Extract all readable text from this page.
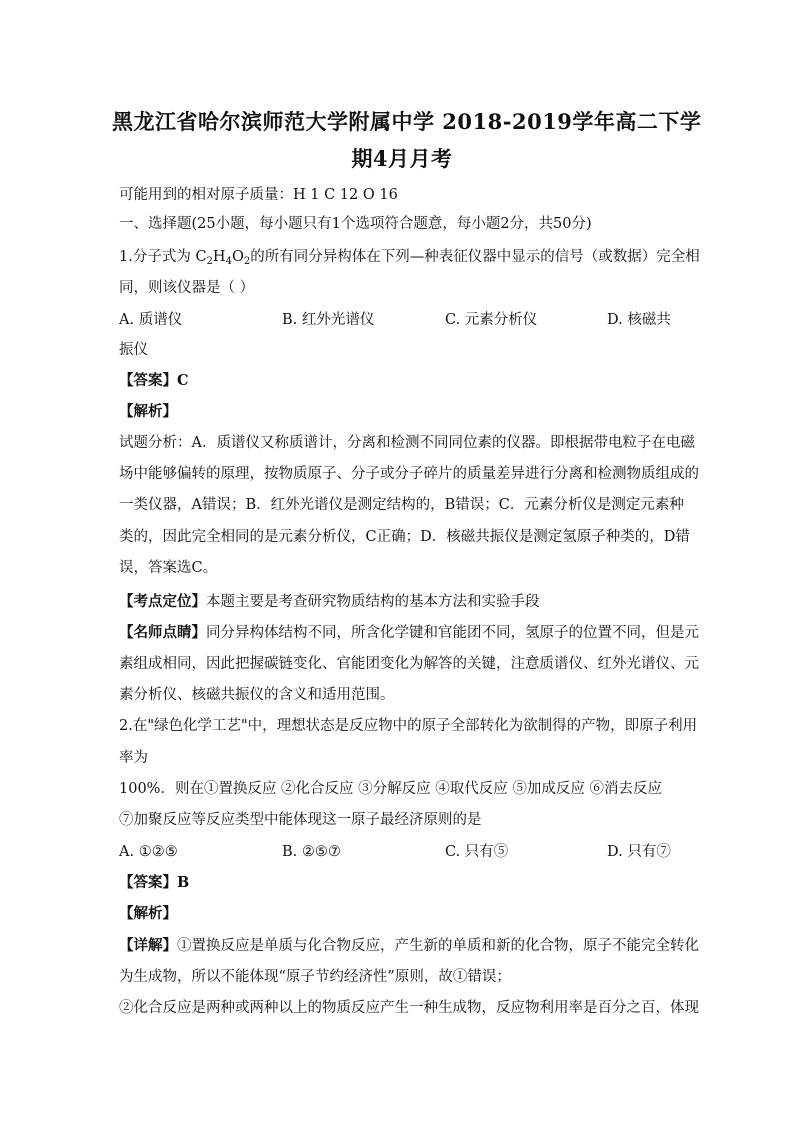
黑龙江省哈尔滨师范大学附属中学 2018-2019学年高二下学
期4月月考
可能用到的相对原子质量：H 1 C 12 O 16
一、选择题(25小题，每小题只有1个选项符合题意，每小题2分，共50分)
1.分子式为 $C_2H_4O_2$的所有同分异构体在下列—种表征仪器中显示的信号（或数据）完全相
同，则该仪器是（ ）
A. 质谱仪	B. 红外光谱仪	C. 元素分析仪	D. 核磁共
振仪
【答案】C
【解析】
试题分析：A．质谱仪又称质谱计，分离和检测不同同位素的仪器。即根据带电粒子在电磁
场中能够偏转的原理，按物质原子、分子或分子碎片的质量差异进行分离和检测物质组成的
一类仪器，A错误；B．红外光谱仪是测定结构的，B错误；C．元素分析仪是测定元素种
类的，因此完全相同的是元素分析仪，C正确；D．核磁共振仪是测定氢原子种类的，D错
误，答案选C。
【考点定位】本题主要是考查研究物质结构的基本方法和实验手段
【名师点睛】同分异构体结构不同，所含化学键和官能团不同，氢原子的位置不同，但是元
素组成相同，因此把握碳链变化、官能团变化为解答的关键，注意质谱仪、红外光谱仪、元
素分析仪、核磁共振仪的含义和适用范围。
2.在"绿色化学工艺"中，理想状态是反应物中的原子全部转化为欲制得的产物，即原子利用
率为
100%．则在①置换反应 ②化合反应 ③分解反应 ④取代反应 ⑤加成反应 ⑥消去反应
⑦加聚反应等反应类型中能体现这一原子最经济原则的是
A. ①②⑤	B. ②⑤⑦	C. 只有⑤	D. 只有⑦
【答案】B
【解析】
【详解】①置换反应是单质与化合物反应，产生新的单质和新的化合物，原子不能完全转化
为生成物，所以不能体现“原子节约经济性”原则，故①错误；
②化合反应是两种或两种以上的物质反应产生一种生成物，反应物利用率是百分之百，体现
